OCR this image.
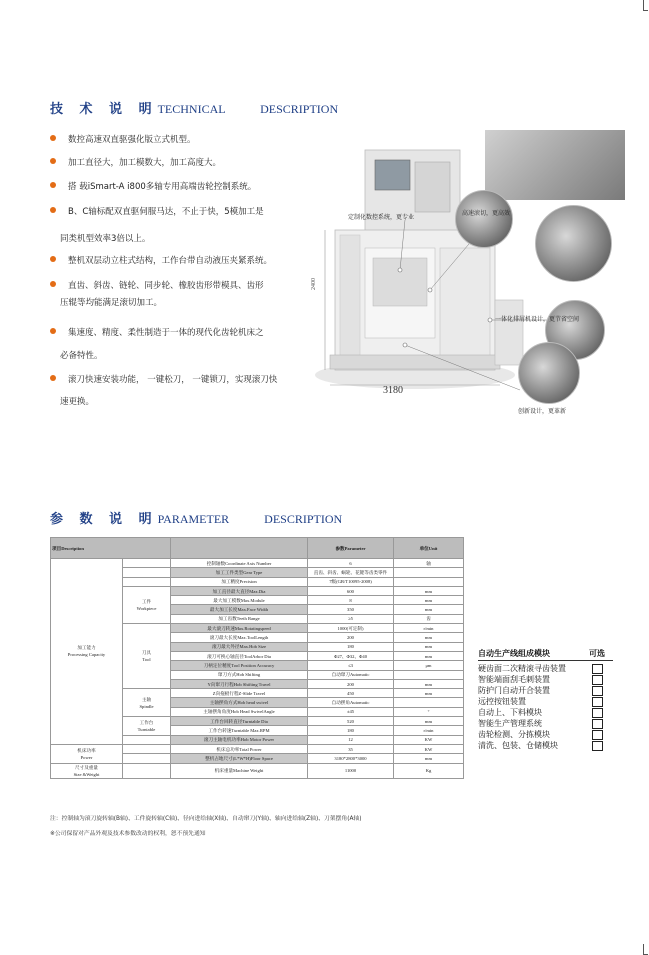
技 术 说 明TECHNICAL DESCRIPTION
数控高速双直驱强化版立式机型。
加工直径大，加工模数大，加工高度大。
搭 载iSmart-A i800多轴专用高端齿轮控制系统。
B、C轴标配双直驱伺服马达，不止于快，5模加工是
同类机型效率3倍以上。
整机双层动立柱式结构，工作台带自动液压夹紧系统。
直齿、斜齿、链轮、同步轮、橡胶齿形带模具、齿形
压辊等均能满足滚切加工。
集速度、精度、柔性制造于一体的现代化齿轮机床之
必备特性。
滚刀快速安装功能， 一键松刀， 一键锁刀，实现滚刀快
速更换。
定制化数控系统，更专业
高速滚切，更高效
一体化排屑机设计，更节省空间
创新设计，更革新
3180
2400
参 数 说 明PARAMETER DESCRIPTION
项目Description			参数Parameter	单位Unit

加工能力
Processing Capacity		控制轴数Coordinate Axis Number	6	轴
		加工工件类型Gear Type	直齿、斜齿、蜗轮、花键等齿类零件	
		加工精度Precision	7级(GB/T10095-2008)	

	工件
Workpiece	加工直径最大直径Max.Dia	600	mm
		最大加工模数Max.Module	8	mm
		最大加工长度Max.Face Width	350	mm
		加工齿数Teeth Range	≥5	齿

	刀具
Tool	最大滚刀转速Max.Rotatingspeed	1000(可定制)	r/min
		滚刀最大长度Max.ToolLength	200	mm
		滚刀最大外径Max.Hob Size	180	mm
		滚刀可换心轴直径ToolArbor Dia	Φ27、Φ32、Φ40	mm
		刀柄定位精度Tool Position Accuracy	≤3	μm
		窜刀方式Hob Shifting	自动窜刀Automatic	
		Y向窜刀行程Hob Shifting Travel	200	mm

	主轴
Spindle	Z向拖板行程Z-Slide Travel	450	mm
		主轴摆角方式Hob head swivel	自动摆角Automatic	
		主轴摆角角度Hob Head SwivelAngle	±45	°

	工作台
Turntable	工作台回转直径Turntable Dia	520	mm
		工作台转速Turntable Max.RPM	180	r/min
		滚刀主轴电机功率Hob Motor Power	12	KW

机床功率
Power		机床总功率Total Power	35	KW
		整机占地尺寸(L*W*H)Floor Space	3180*2800*3000	mm

尺寸及重量
Size &Weight		机床重量Machine Weight	11000	Kg
注：控制轴为滚刀旋转轴(B轴)、工件旋转轴(C轴)、径向进给轴(X轴)、自动窜刀(Y轴)、轴向进给轴(Z轴)、刀架摆角(A轴)
※公司保留对产品外观及技术参数改动的权利，恕不预先通知
自动生产线组成模块	可选
硬齿面二次精滚寻齿装置
智能端面刮毛刺装置
防护门自动开合装置
远控按钮装置
自动上、下料模块
智能生产管理系统
齿轮检测、分拣模块
清洗、包装、仓储模块
